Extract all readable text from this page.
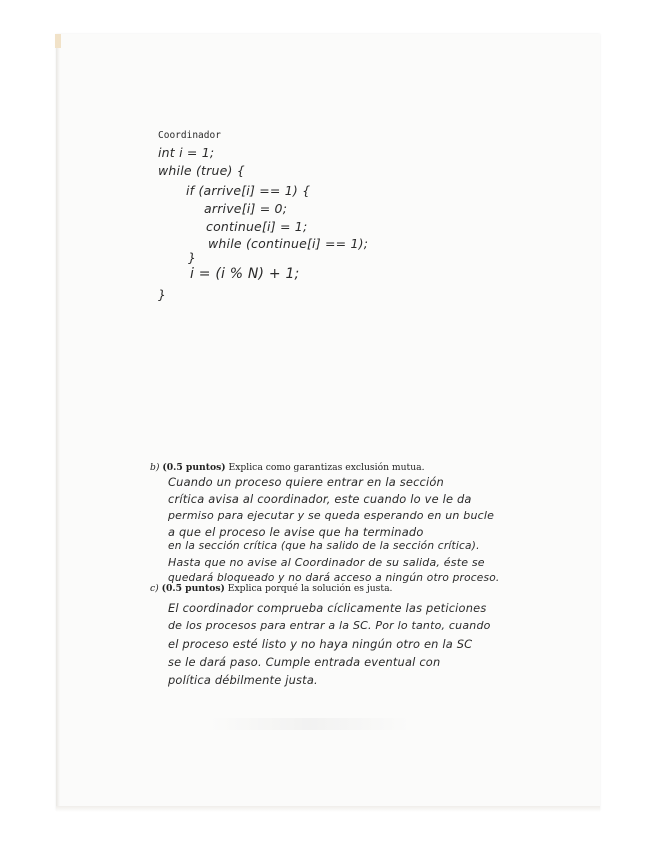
Coordinador
int i = 1;
while (true) {
if (arrive[i] == 1) {
arrive[i] = 0;
continue[i] = 1;
while (continue[i] == 1);
}
i = (i % N) + 1;
}
b) (0.5 puntos) Explica como garantizas exclusión mutua.
Cuando un proceso quiere entrar en la sección
crítica avisa al coordinador, este cuando lo ve le da
permiso para ejecutar y se queda esperando en un bucle
a que el proceso le avise que ha terminado
en la sección crítica (que ha salido de la sección crítica).
Hasta que no avise al Coordinador de su salida, éste se
quedará bloqueado y no dará acceso a ningún otro proceso.
c) (0.5 puntos) Explica porqué la solución es justa.
El coordinador comprueba cíclicamente las peticiones
de los procesos para entrar a la SC. Por lo tanto, cuando
el proceso esté listo y no haya ningún otro en la SC
se le dará paso. Cumple entrada eventual con
política débilmente justa.
